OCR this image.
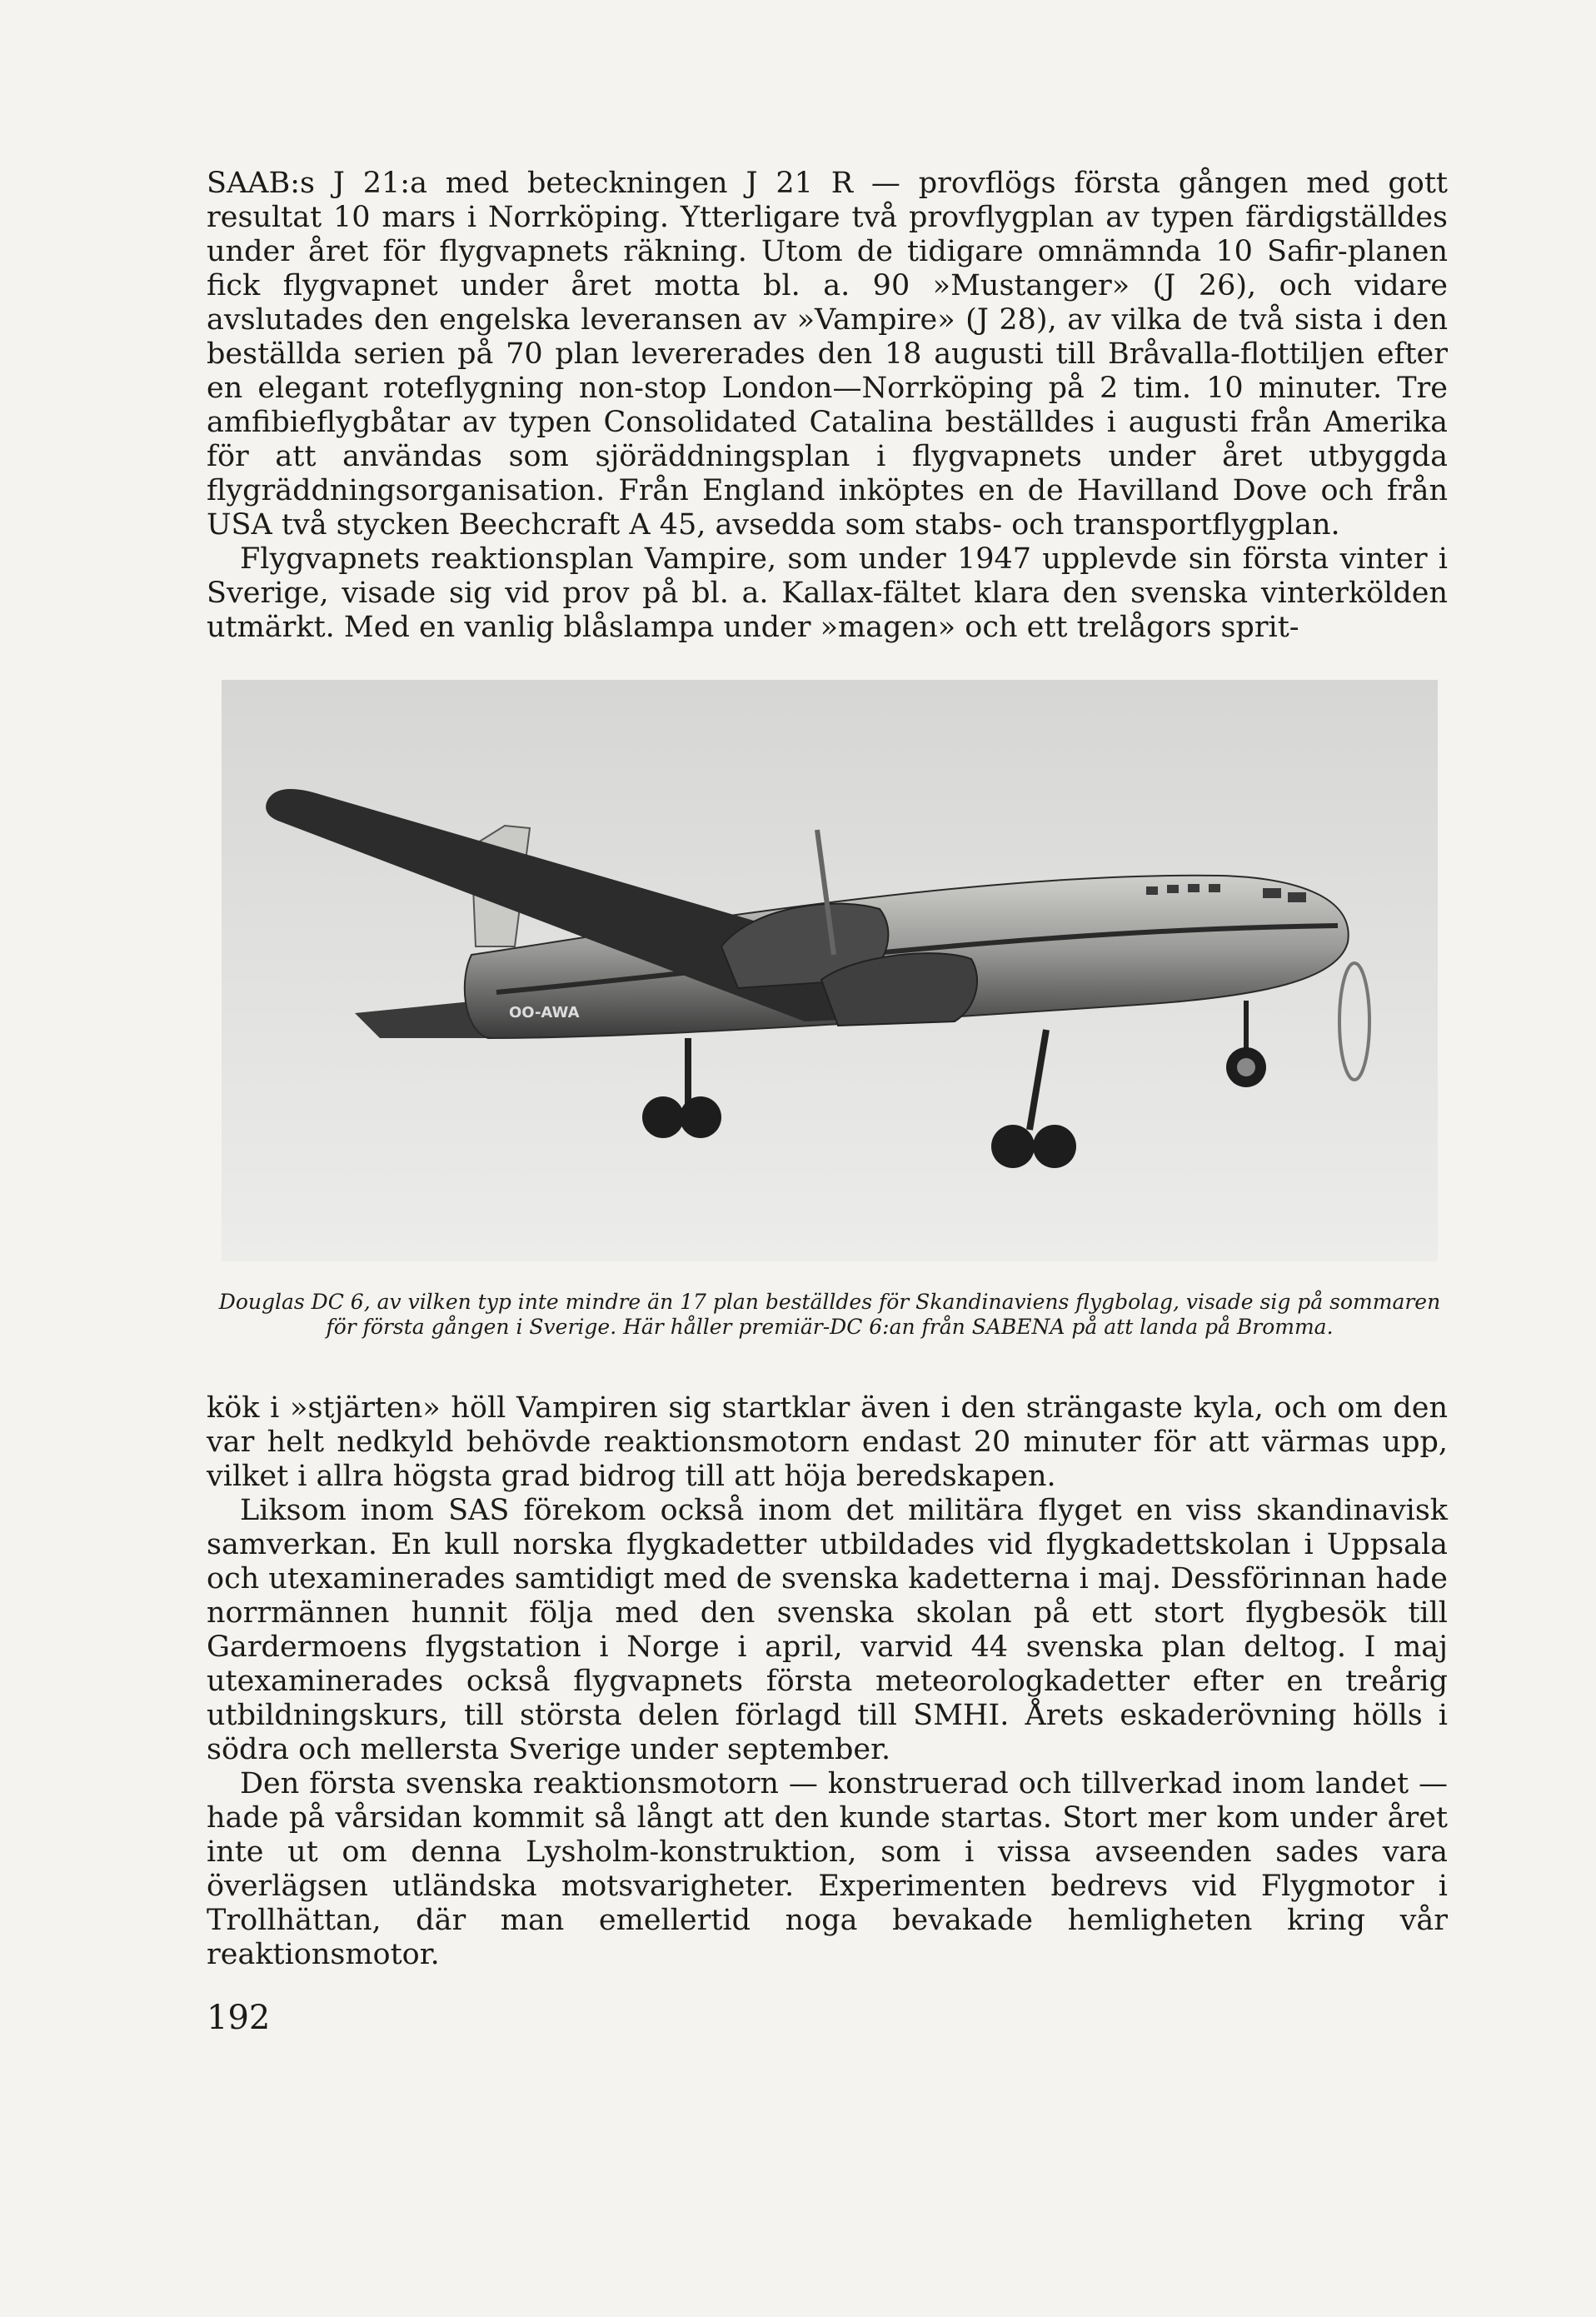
SAAB:s J 21:a med beteckningen J 21 R — provflögs första gången med gott resultat 10 mars i Norrköping. Ytterligare två provflygplan av typen färdigställdes under året för flygvapnets räkning. Utom de tidigare omnämnda 10 Safir-planen fick flygvapnet under året motta bl. a. 90 »Mustanger» (J 26), och vidare avslutades den engelska leveransen av »Vampire» (J 28), av vilka de två sista i den beställda serien på 70 plan levererades den 18 augusti till Bråvalla-flottiljen efter en elegant roteflygning non-stop London—Norrköping på 2 tim. 10 minuter. Tre amfibieflygbåtar av typen Consolidated Catalina beställdes i augusti från Amerika för att användas som sjöräddningsplan i flygvapnets under året utbyggda flygräddningsorganisation. Från England inköptes en de Havilland Dove och från USA två stycken Beechcraft A 45, avsedda som stabs- och transportflygplan.

Flygvapnets reaktionsplan Vampire, som under 1947 upplevde sin första vinter i Sverige, visade sig vid prov på bl. a. Kallax-fältet klara den svenska vinterkölden utmärkt. Med en vanlig blåslampa under »magen» och ett trelågors sprit-

OO-AWA
Douglas DC 6, av vilken typ inte mindre än 17 plan beställdes för Skandinaviens flygbolag, visade sig på sommaren för första gången i Sverige. Här håller premiär-DC 6:an från SABENA på att landa på Bromma.

kök i »stjärten» höll Vampiren sig startklar även i den strängaste kyla, och om den var helt nedkyld behövde reaktionsmotorn endast 20 minuter för att värmas upp, vilket i allra högsta grad bidrog till att höja beredskapen.

Liksom inom SAS förekom också inom det militära flyget en viss skandinavisk samverkan. En kull norska flygkadetter utbildades vid flygkadettskolan i Uppsala och utexaminerades samtidigt med de svenska kadetterna i maj. Dessförinnan hade norrmännen hunnit följa med den svenska skolan på ett stort flygbesök till Gardermoens flygstation i Norge i april, varvid 44 svenska plan deltog. I maj utexaminerades också flygvapnets första meteorologkadetter efter en treårig utbildningskurs, till största delen förlagd till SMHI. Årets eskaderövning hölls i södra och mellersta Sverige under september.

Den första svenska reaktionsmotorn — konstruerad och tillverkad inom landet — hade på vårsidan kommit så långt att den kunde startas. Stort mer kom under året inte ut om denna Lysholm-konstruktion, som i vissa avseenden sades vara överlägsen utländska motsvarigheter. Experimenten bedrevs vid Flygmotor i Trollhättan, där man emellertid noga bevakade hemligheten kring vår reaktionsmotor.

192
